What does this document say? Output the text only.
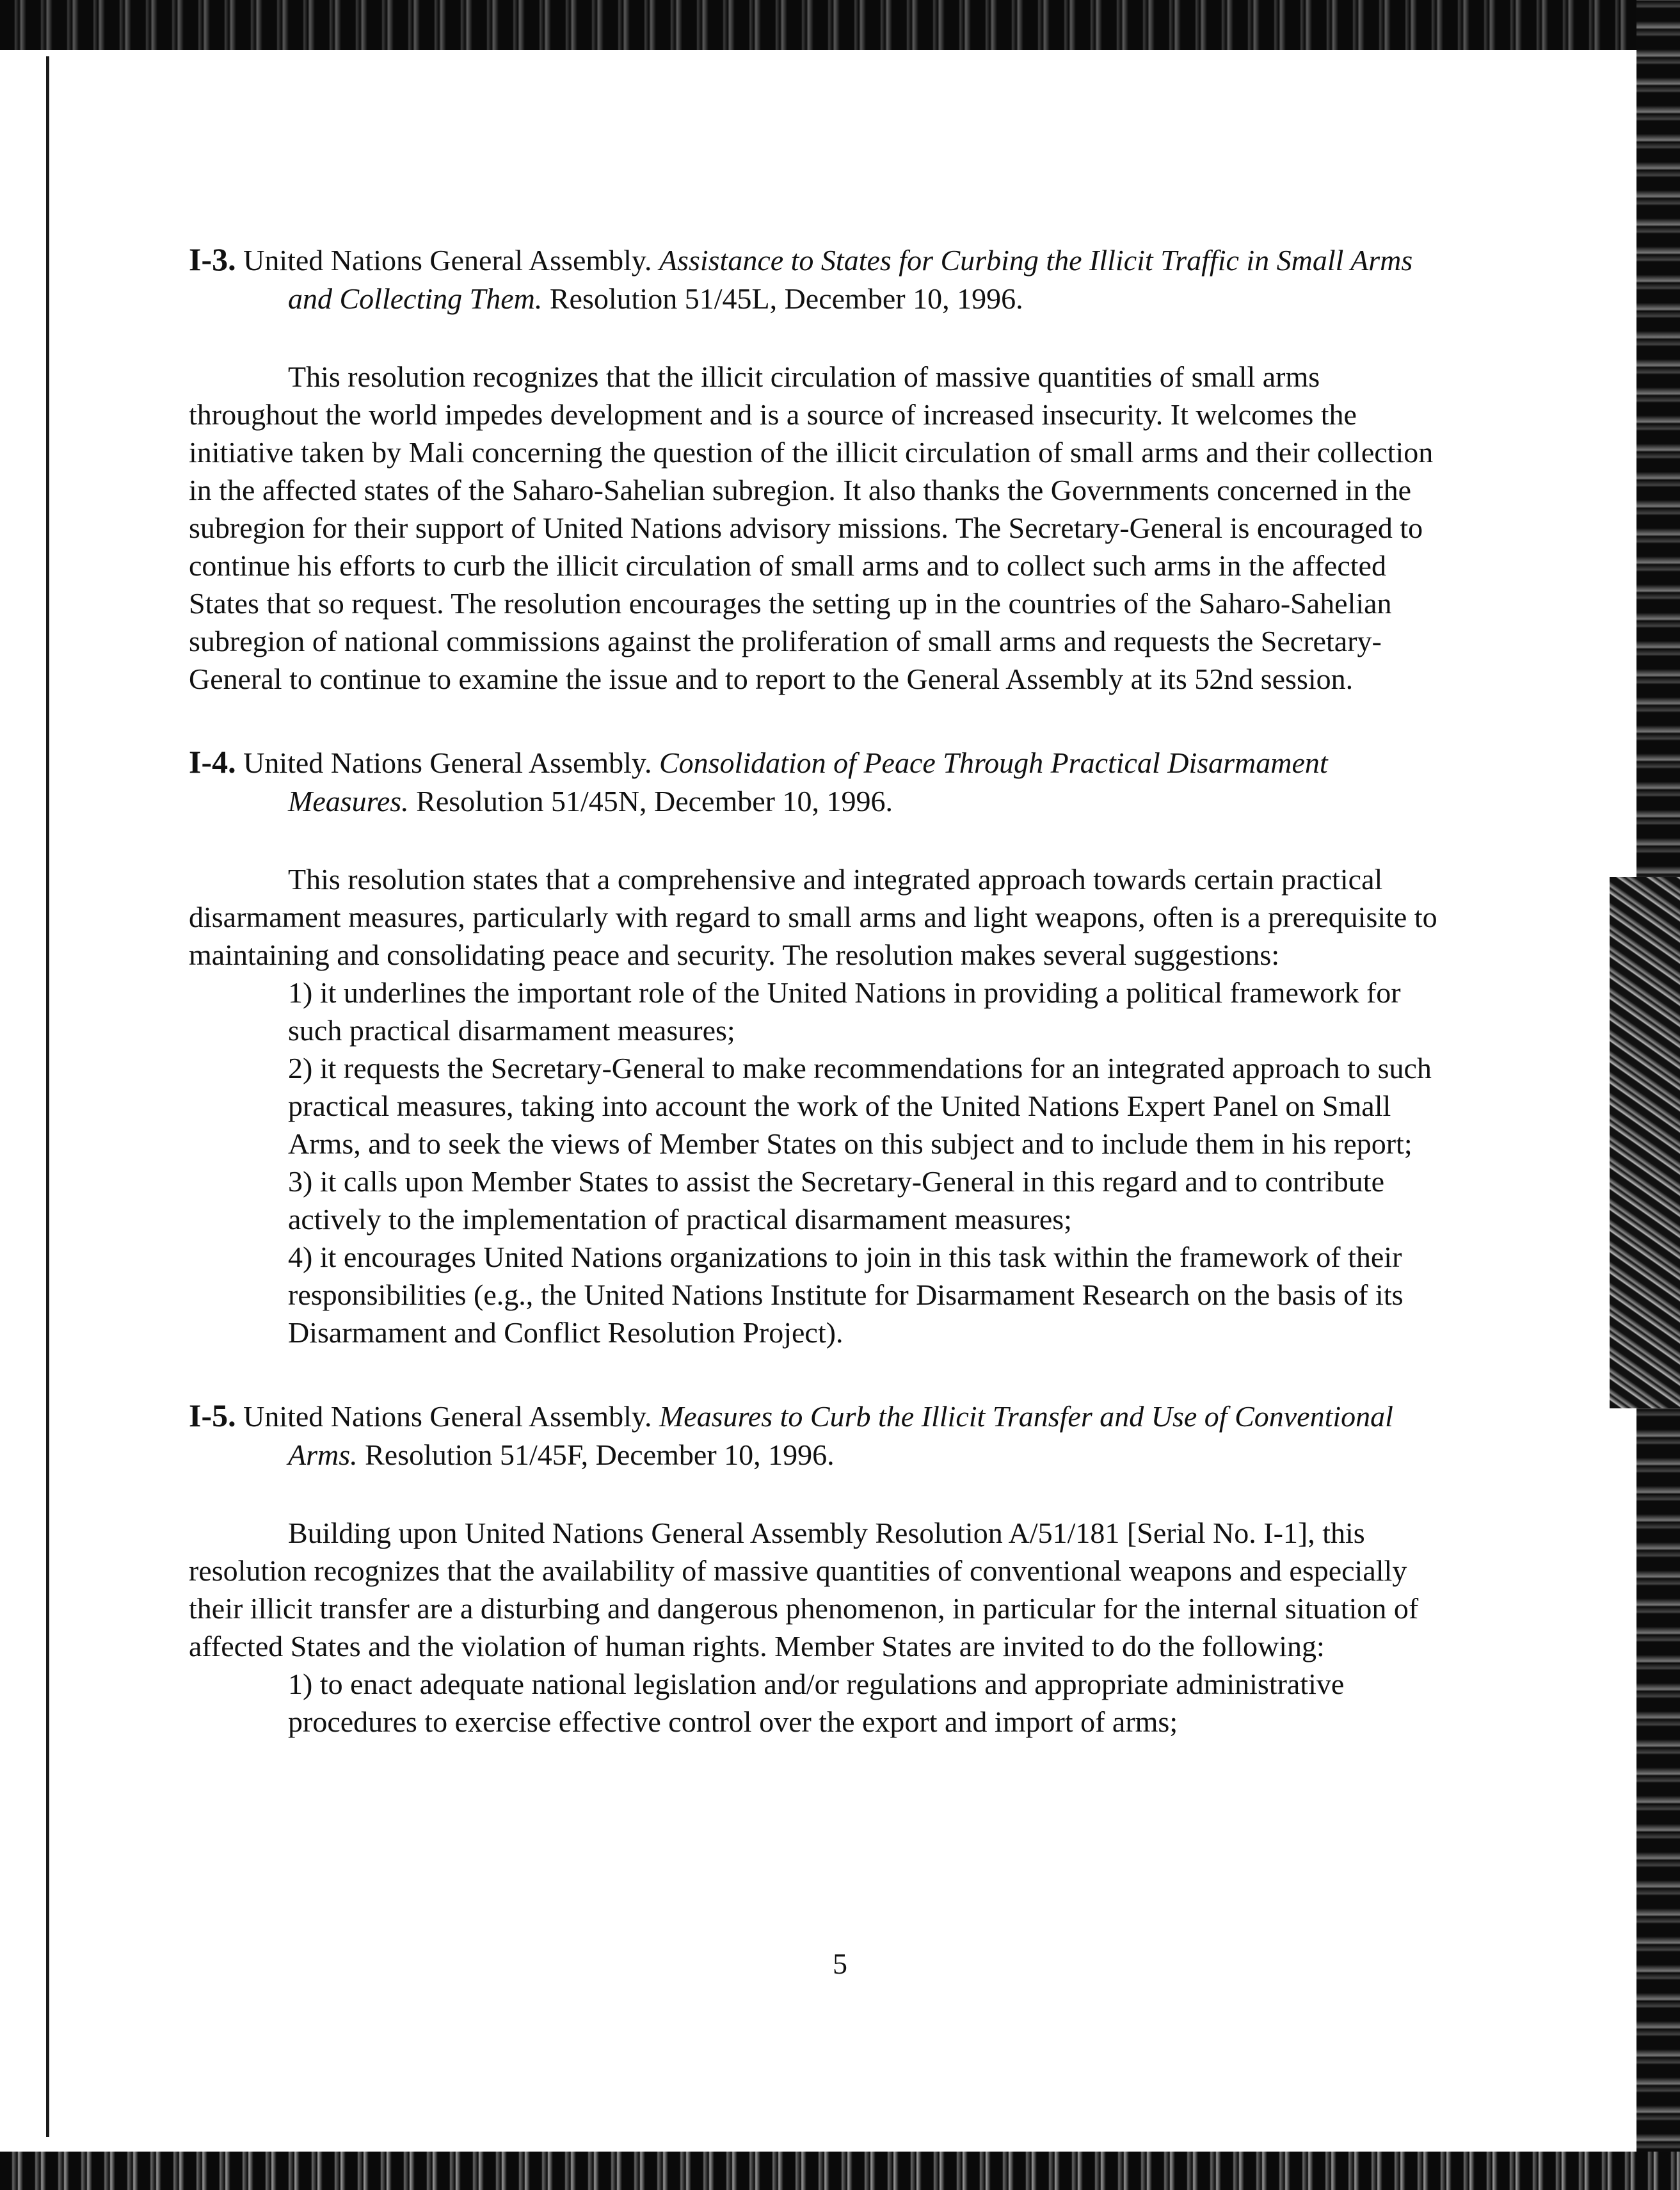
I-3. United Nations General Assembly. Assistance to States for Curbing the Illicit Traffic in Small Arms and Collecting Them. Resolution 51/45L, December 10, 1996.

This resolution recognizes that the illicit circulation of massive quantities of small arms throughout the world impedes development and is a source of increased insecurity. It welcomes the initiative taken by Mali concerning the question of the illicit circulation of small arms and their collection in the affected states of the Saharo-Sahelian subregion. It also thanks the Governments concerned in the subregion for their support of United Nations advisory missions. The Secretary-General is encouraged to continue his efforts to curb the illicit circulation of small arms and to collect such arms in the affected States that so request. The resolution encourages the setting up in the countries of the Saharo-Sahelian subregion of national commissions against the proliferation of small arms and requests the Secretary-General to continue to examine the issue and to report to the General Assembly at its 52nd session.

I-4. United Nations General Assembly. Consolidation of Peace Through Practical Disarmament Measures. Resolution 51/45N, December 10, 1996.

This resolution states that a comprehensive and integrated approach towards certain practical disarmament measures, particularly with regard to small arms and light weapons, often is a prerequisite to maintaining and consolidating peace and security. The resolution makes several suggestions:

1) it underlines the important role of the United Nations in providing a political framework for such practical disarmament measures;

2) it requests the Secretary-General to make recommendations for an integrated approach to such practical measures, taking into account the work of the United Nations Expert Panel on Small Arms, and to seek the views of Member States on this subject and to include them in his report;

3) it calls upon Member States to assist the Secretary-General in this regard and to contribute actively to the implementation of practical disarmament measures;

4) it encourages United Nations organizations to join in this task within the framework of their responsibilities (e.g., the United Nations Institute for Disarmament Research on the basis of its Disarmament and Conflict Resolution Project).

I-5. United Nations General Assembly. Measures to Curb the Illicit Transfer and Use of Conventional Arms. Resolution 51/45F, December 10, 1996.

Building upon United Nations General Assembly Resolution A/51/181 [Serial No. I-1], this resolution recognizes that the availability of massive quantities of conventional weapons and especially their illicit transfer are a disturbing and dangerous phenomenon, in particular for the internal situation of affected States and the violation of human rights. Member States are invited to do the following:

1) to enact adequate national legislation and/or regulations and appropriate administrative procedures to exercise effective control over the export and import of arms;

5
